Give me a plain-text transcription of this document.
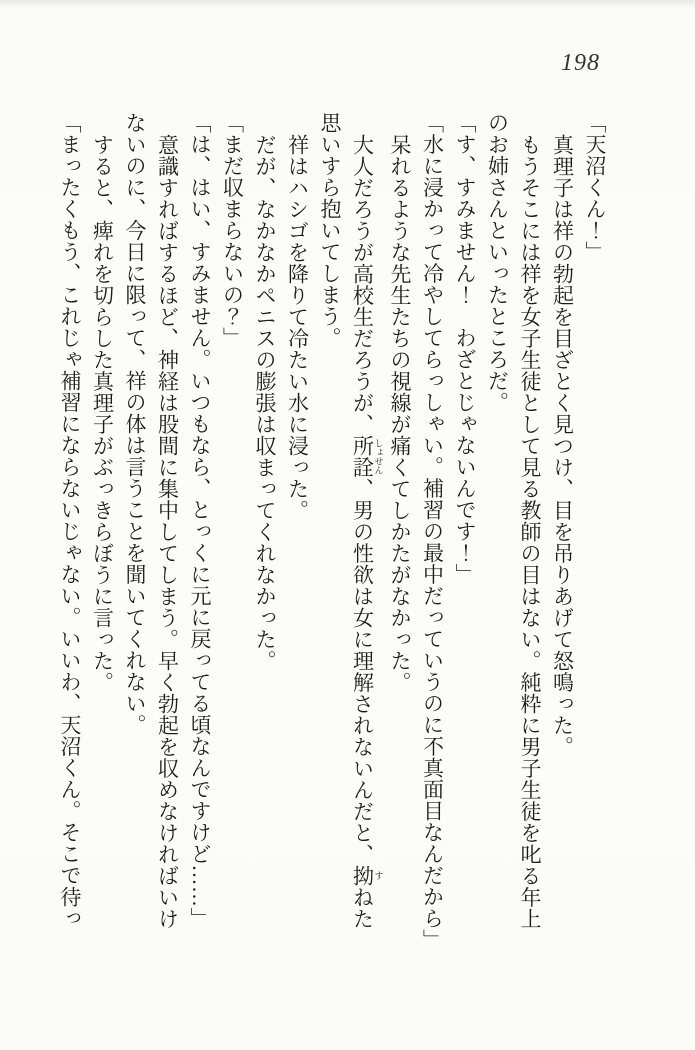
198

「天沼くん！」

真理子は祥の勃起を目ざとく見つけ、目を吊りあげて怒鳴った。

もうそこには祥を女子生徒として見る教師の目はない。純粋に男子生徒を叱る年上

のお姉さんといったところだ。

「す、すみません！　わざとじゃないんです！」

「水に浸かって冷やしてらっしゃい。補習の最中だっていうのに不真面目なんだから」

呆れるような先生たちの視線が痛くてしかたがなかった。

大人だろうが高校生だろうが、所詮 しょせん、男の性欲は女に理解されないんだと、拗 すねた

思いすら抱いてしまう。

祥はハシゴを降りて冷たい水に浸った。

だが、なかなかペニスの膨張は収まってくれなかった。

「まだ収まらないの？」

「は、はい、すみません。いつもなら、とっくに元に戻ってる頃なんですけど……」

意識すればするほど、神経は股間に集中してしまう。早く勃起を収めなければいけ

ないのに、今日に限って、祥の体は言うことを聞いてくれない。

すると、痺れを切らした真理子がぶっきらぼうに言った。

「まったくもう、これじゃ補習にならないじゃない。いいわ、天沼くん。そこで待っ
